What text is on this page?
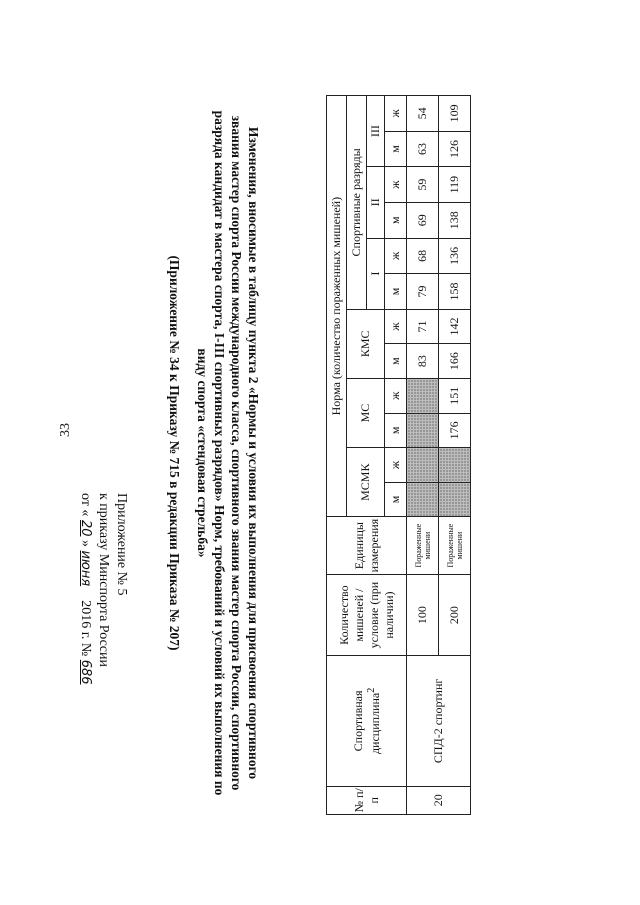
33
Приложение № 5
к приказу Минспорта России
от « 20 » июня    2016 г. № 686	Изменения, вносимые в таблицу пункта 2 «Нормы и условия их выполнения для присвоения спортивного
звания мастер спорта России международного класса, спортивного звания мастер спорта России, спортивного
разряда кандидат в мастера спорта, I-III спортивных разрядов» Норм, требований и условий их выполнения по
виду спорта «стендовая стрельба»
(Приложение № 34 к Приказу № 715 в редакции Приказа № 207)
№ п/п	Спортивная дисциплина$^2$	Количество мишеней / условие (при наличии)	Единицы измерения	Норма (количество пораженных мишеней)											
				МСМК		МС		КМС		Спортивные разряды					
										I		II		III	
				м	ж	м	ж	м	ж	м	ж	м	ж	м	ж
20	СПД-2 спортинг	100	Пораженные мишени					83	71	79	68	69	59	63	54
		200	Пораженные мишени			176	151	166	142	158	136	138	119	126	109
